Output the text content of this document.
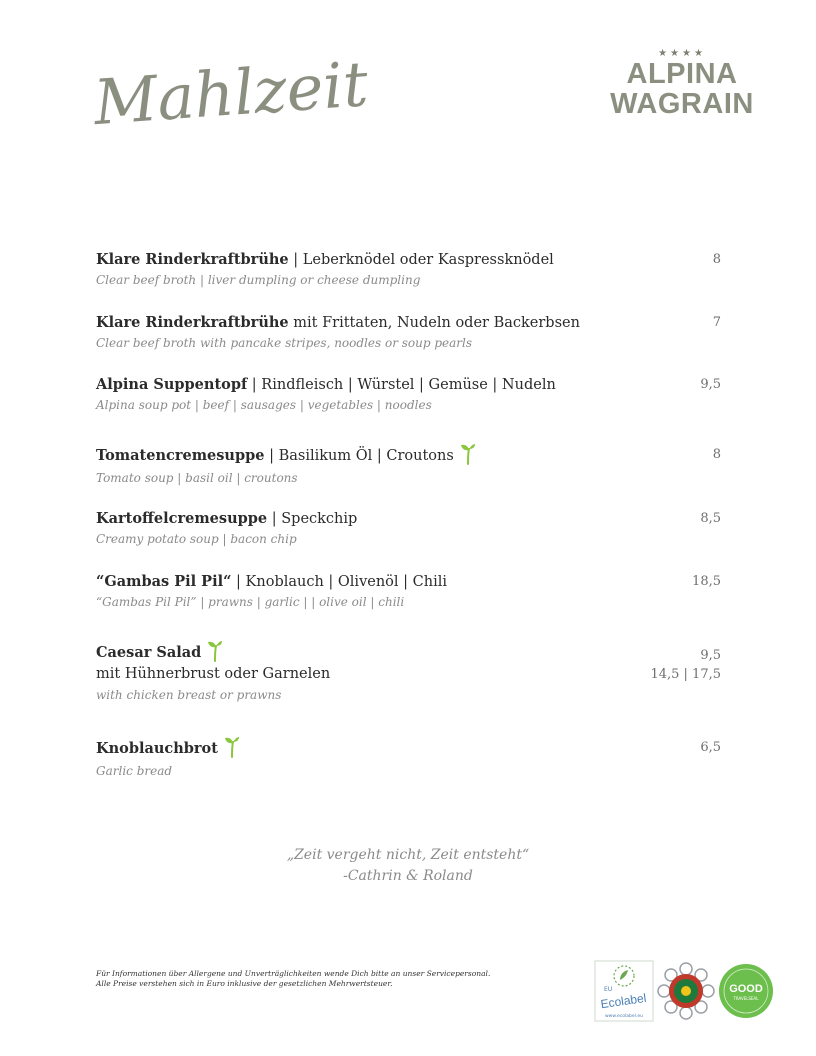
Mahlzeit	★★★★
ALPINA
WAGRAIN
Klare Rinderkraftbrühe | Leberknödel oder Kaspressknödel	8
Clear beef broth | liver dumpling or cheese dumpling
Klare Rinderkraftbrühe mit Frittaten, Nudeln oder Backerbsen	7
Clear beef broth with pancake stripes, noodles or soup pearls
Alpina Suppentopf | Rindfleisch | Würstel | Gemüse | Nudeln	9,5
Alpina soup pot | beef | sausages | vegetables | noodles
Tomatencremesuppe | Basilikum Öl | Croutons	8
Tomato soup | basil oil | croutons
Kartoffelcremesuppe | Speckchip	8,5
Creamy potato soup | bacon chip
“Gambas Pil Pil“ | Knoblauch | Olivenöl | Chili	18,5
“Gambas Pil Pil” | prawns | garlic | | olive oil | chili
Caesar Salad	9,5
mit Hühnerbrust oder Garnelen	14,5 | 17,5
with chicken breast or prawns
Knoblauchbrot	6,5
Garlic bread
„Zeit vergeht nicht, Zeit entsteht“
-Cathrin & Roland
Für Informationen über Allergene und Unverträglichkeiten wende Dich bitte an unser Servicepersonal.
Alle Preise verstehen sich in Euro inklusive der gesetzlichen Mehrwertsteuer.
EU
Ecolabel
www.ecolabel.eu
GOOD
TRAVELSEAL
